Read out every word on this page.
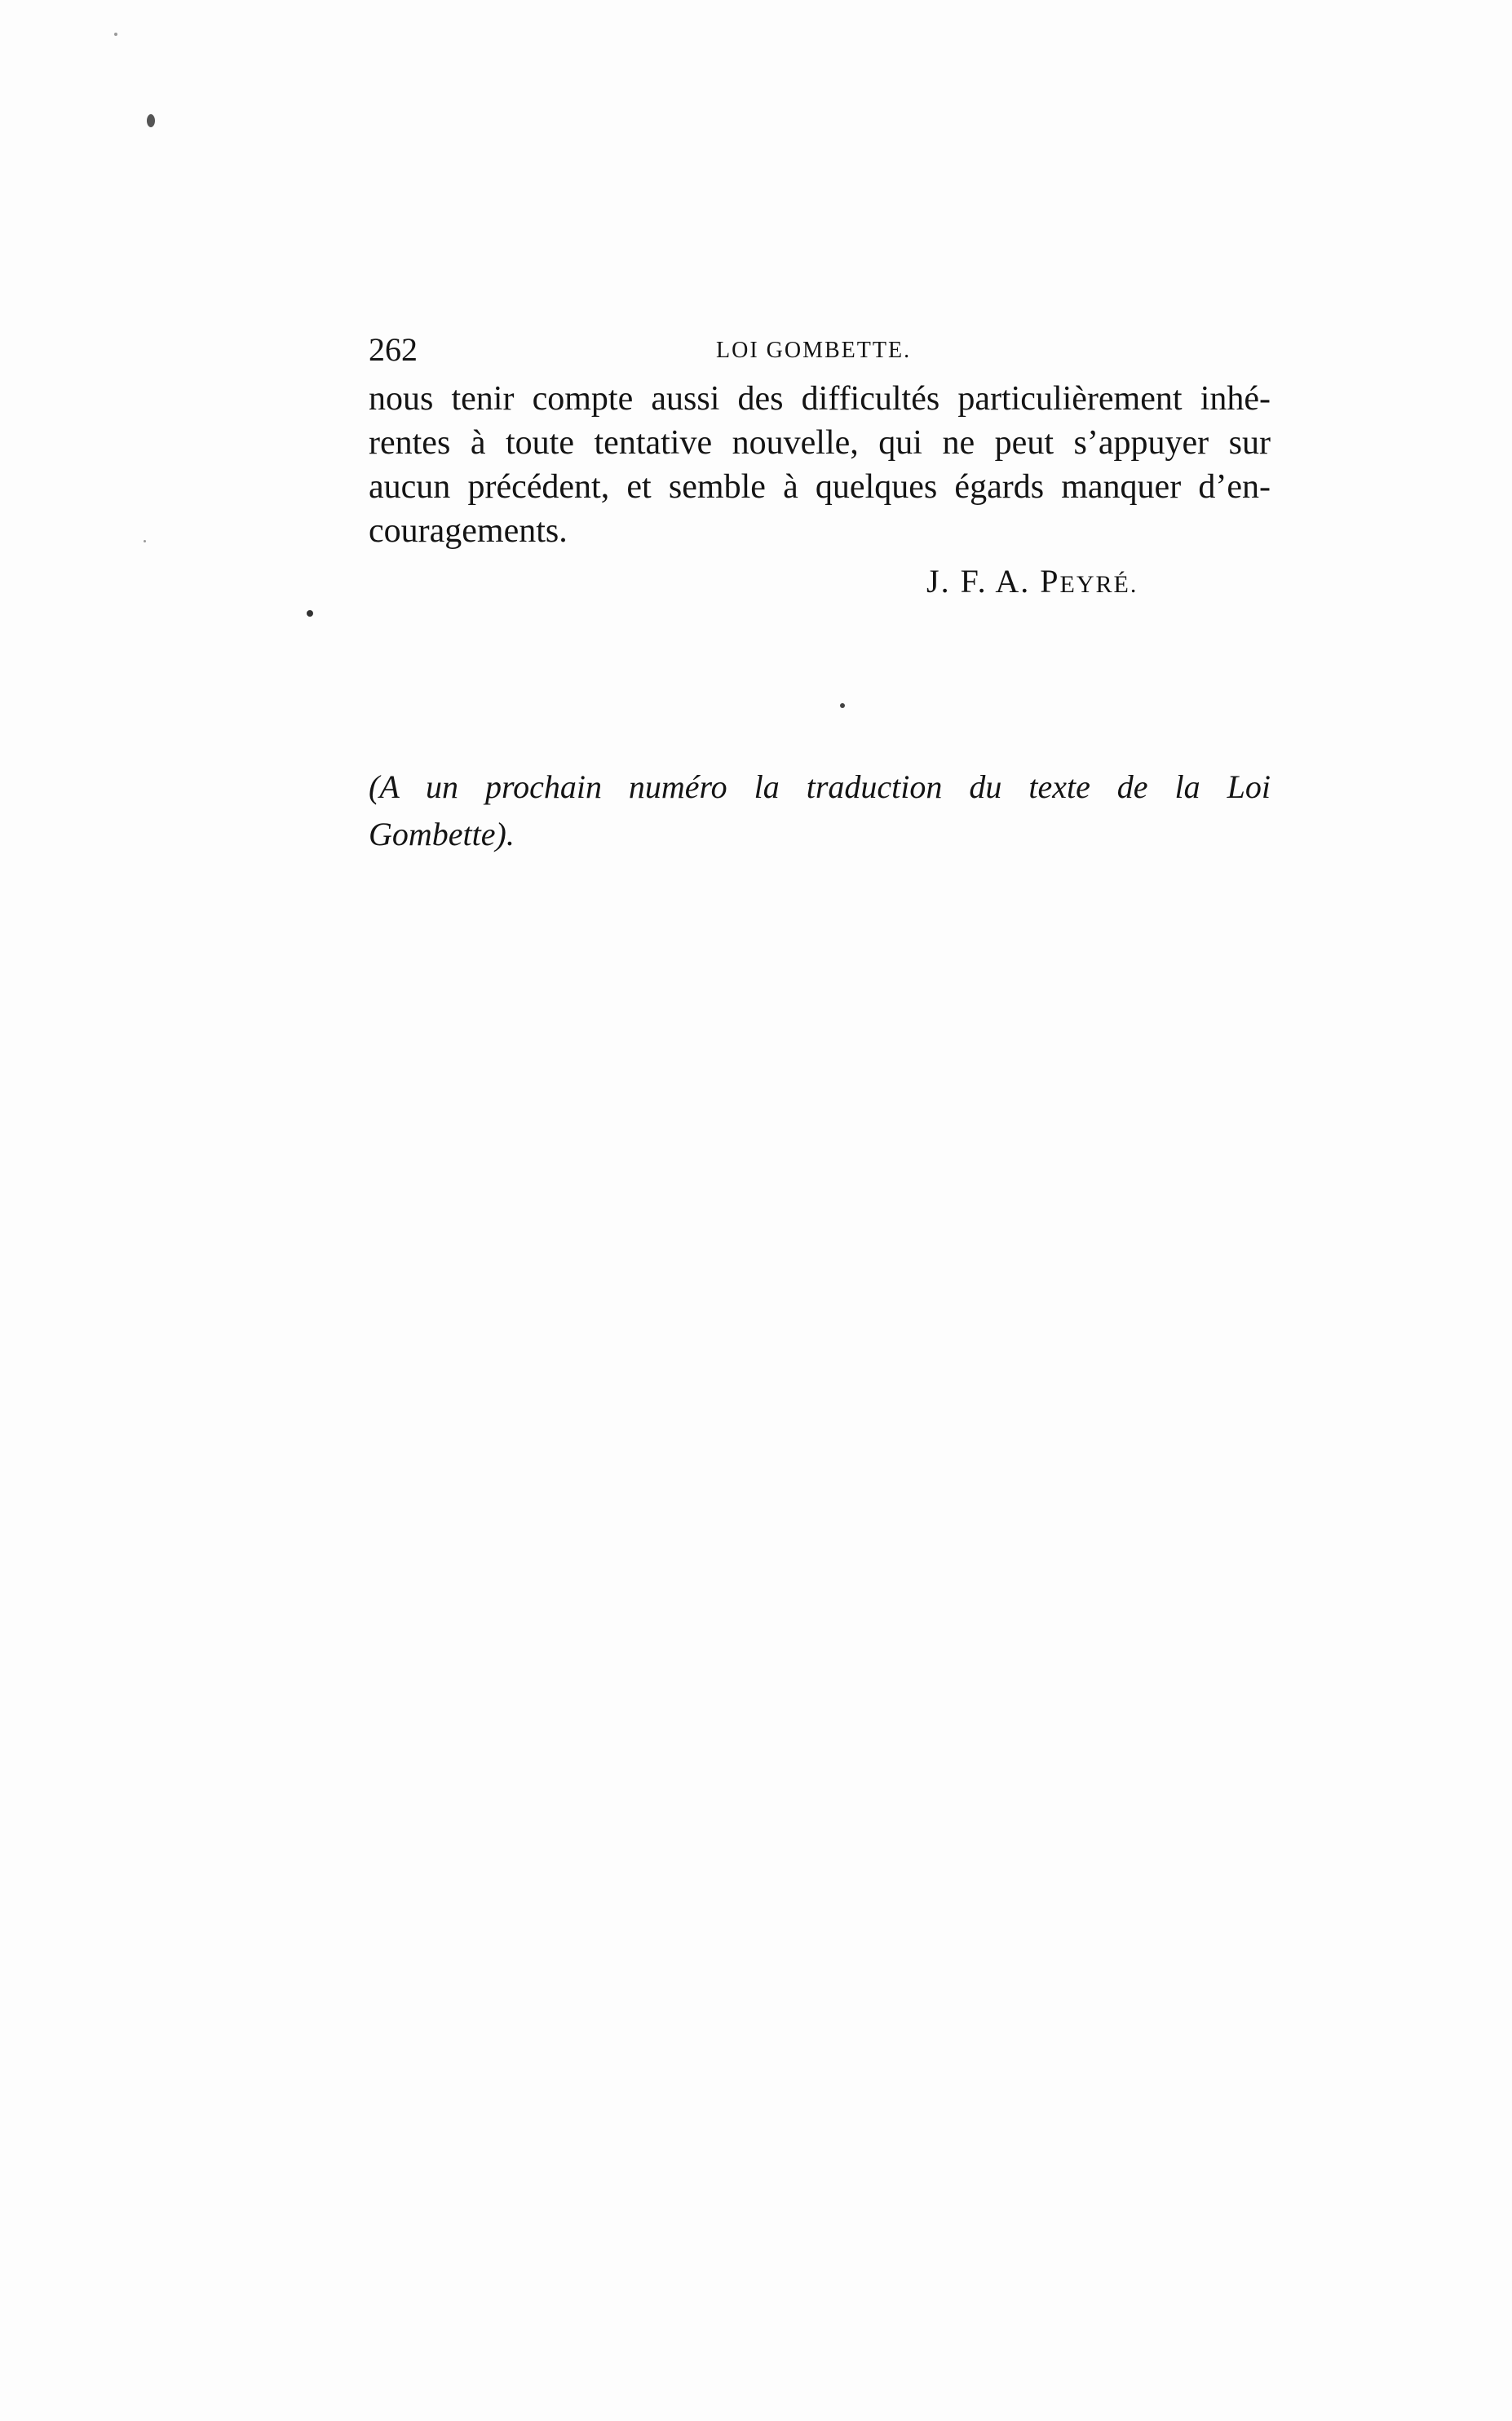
262	LOI GOMBETTE.
nous tenir compte aussi des difficultés particulièrement inhé-
rentes à toute tentative nouvelle, qui ne peut s’appuyer sur
aucun précédent, et semble à quelques égards manquer d’en-
couragements.
J. F. A. PEYRÉ.
(A un prochain numéro la traduction du texte de la Loi
Gombette).
